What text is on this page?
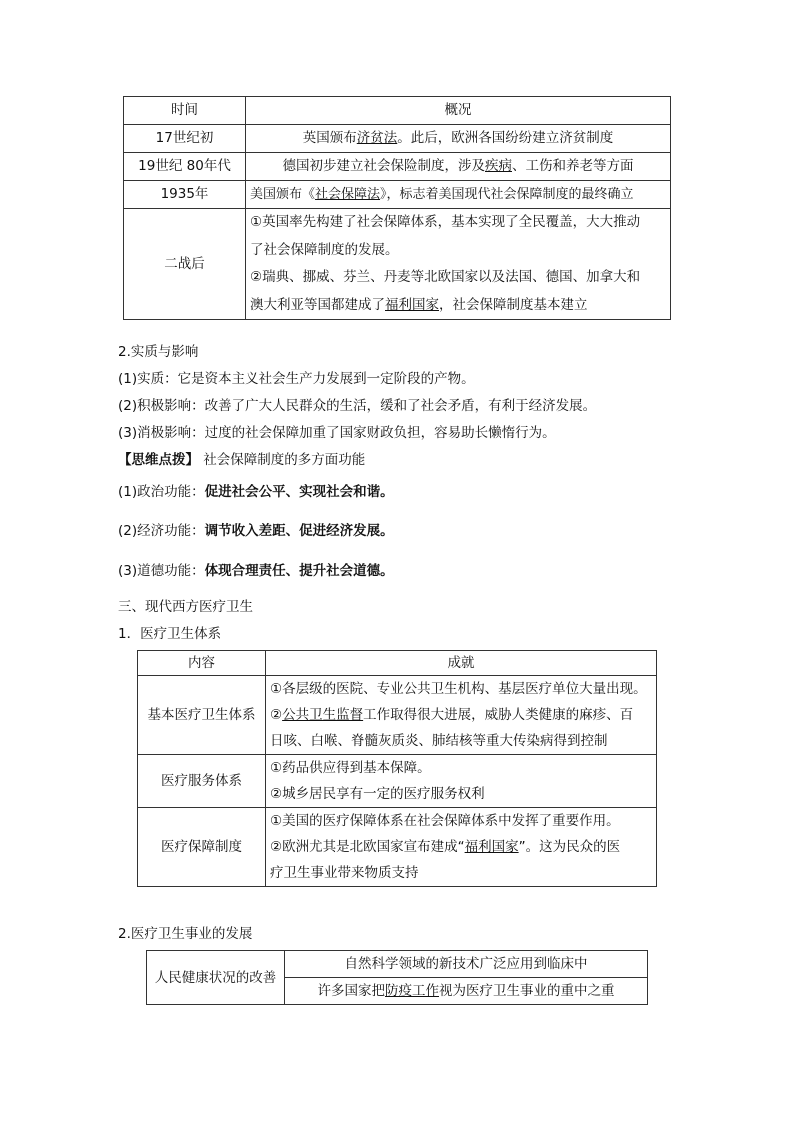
时间	概况
17世纪初	英国颁布济贫法。此后，欧洲各国纷纷建立济贫制度
19世纪 80年代	德国初步建立社会保险制度，涉及疾病、工伤和养老等方面
1935年	美国颁布《社会保障法》，标志着美国现代社会保障制度的最终确立
二战后	①英国率先构建了社会保障体系，基本实现了全民覆盖，大大推动
了社会保障制度的发展。
②瑞典、挪威、芬兰、丹麦等北欧国家以及法国、德国、加拿大和
澳大利亚等国都建成了福利国家，社会保障制度基本建立
2.实质与影响
(1)实质：它是资本主义社会生产力发展到一定阶段的产物。
(2)积极影响：改善了广大人民群众的生活，缓和了社会矛盾，有利于经济发展。
(3)消极影响：过度的社会保障加重了国家财政负担，容易助长懒惰行为。
【思维点拨】 社会保障制度的多方面功能
(1)政治功能：促进社会公平、实现社会和谐。
(2)经济功能：调节收入差距、促进经济发展。
(3)道德功能：体现合理责任、提升社会道德。
三、现代西方医疗卫生
1．医疗卫生体系
内容	成就
基本医疗卫生体系	①各层级的医院、专业公共卫生机构、基层医疗单位大量出现。
②公共卫生监督工作取得很大进展，威胁人类健康的麻疹、百
日咳、白喉、脊髓灰质炎、肺结核等重大传染病得到控制

医疗服务体系	①药品供应得到基本保障。
②城乡居民享有一定的医疗服务权利

医疗保障制度	①美国的医疗保障体系在社会保障体系中发挥了重要作用。
②欧洲尤其是北欧国家宣布建成“福利国家”。这为民众的医
疗卫生事业带来物质支持
2.医疗卫生事业的发展
人民健康状况的改善	自然科学领域的新技术广泛应用到临床中
许多国家把防疫工作视为医疗卫生事业的重中之重
